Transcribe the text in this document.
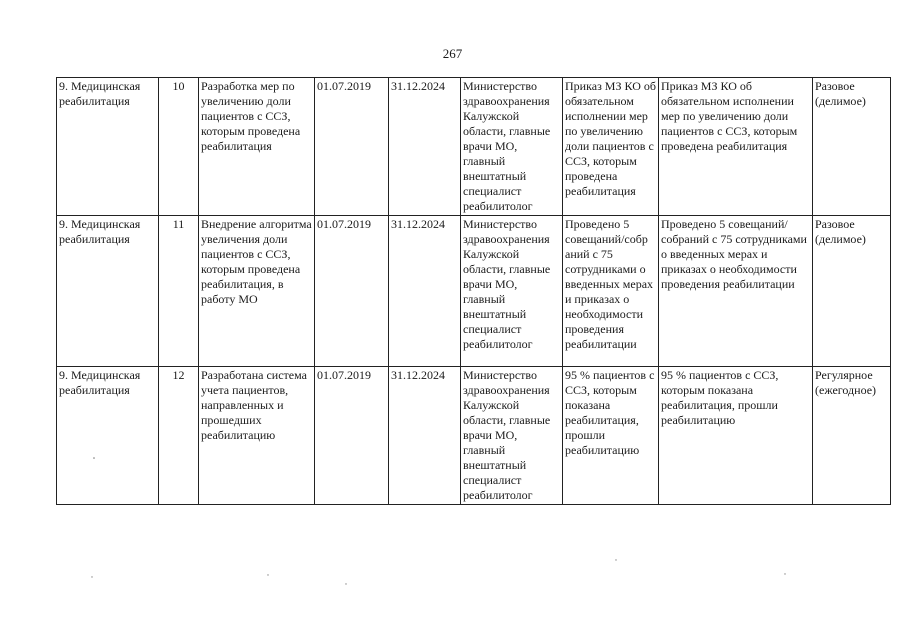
267
9. Медицинская реабилитация	10	Разработка мер по увеличению доли пациентов с ССЗ, которым проведена реабилитация	01.07.2019	31.12.2024	Министерство здравоохранения Калужской области, главные врачи МО, главный внештатный специалист реабилитолог	Приказ МЗ КО об обязательном исполнении мер по увеличению доли пациентов с ССЗ, которым проведена реабилитация	Приказ МЗ КО об обязательном исполнении мер по увеличению доли пациентов с ССЗ, которым проведена реабилитация	Разовое (делимое)
9. Медицинская реабилитация	11	Внедрение алгоритма увеличения доли пациентов с ССЗ, которым проведена реабилитация, в работу МО	01.07.2019	31.12.2024	Министерство здравоохранения Калужской области, главные врачи МО, главный внештатный специалист реабилитолог	Проведено 5 совещаний/собр аний с 75 сотрудниками о введенных мерах и приказах о необходимости проведения реабилитации	Проведено 5 совещаний/собраний с 75 сотрудниками о введенных мерах и приказах о необходимости проведения реабилитации	Разовое (делимое)
9. Медицинская реабилитация	12	Разработана система учета пациентов, направленных и прошедших реабилитацию	01.07.2019	31.12.2024	Министерство здравоохранения Калужской области, главные врачи МО, главный внештатный специалист реабилитолог	95 % пациентов с ССЗ, которым показана реабилитация, прошли реабилитацию	95 % пациентов с ССЗ, которым показана реабилитация, прошли реабилитацию	Регулярное (ежегодное)
